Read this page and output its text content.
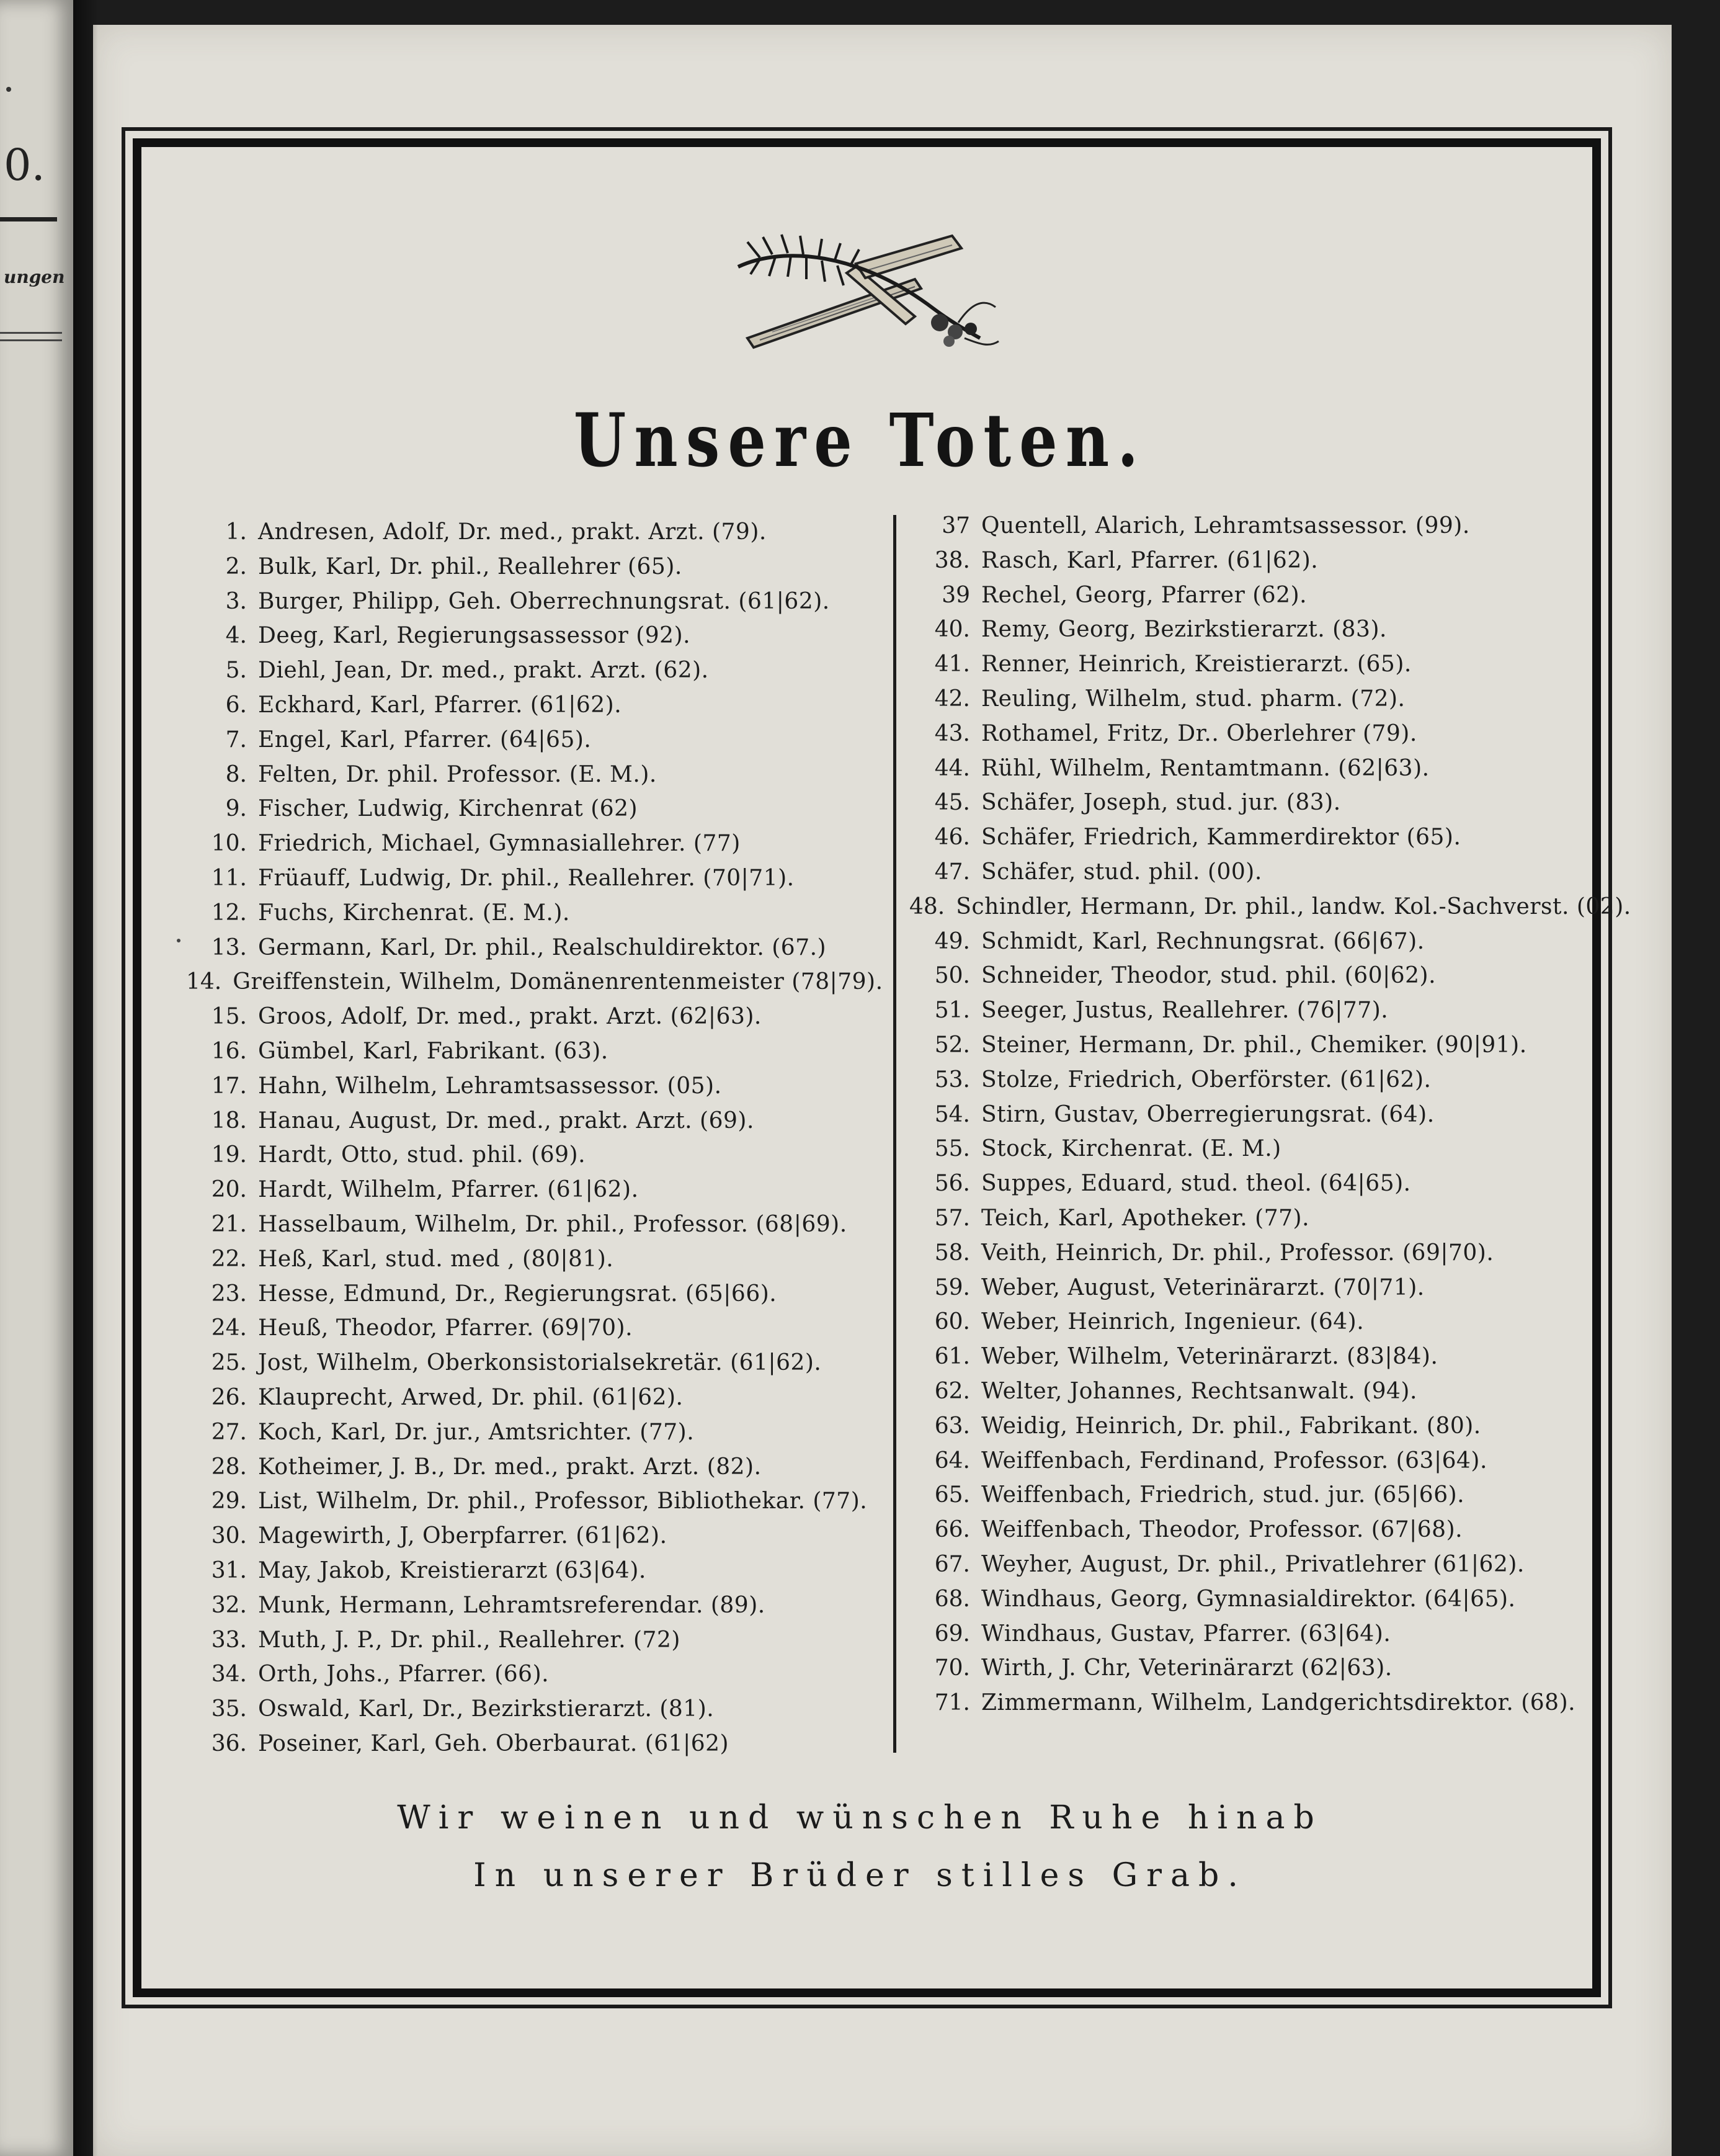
0.
ungen
Unsere Toten.
1. Andresen, Adolf, Dr. med., prakt. Arzt. (79).
2. Bulk, Karl, Dr. phil., Reallehrer (65).
3. Burger, Philipp, Geh. Oberrechnungsrat. (61|62).
4. Deeg, Karl, Regierungsassessor (92).
5. Diehl, Jean, Dr. med., prakt. Arzt. (62).
6. Eckhard, Karl, Pfarrer. (61|62).
7. Engel, Karl, Pfarrer. (64|65).
8. Felten, Dr. phil. Professor. (E. M.).
9. Fischer, Ludwig, Kirchenrat (62)
10. Friedrich, Michael, Gymnasiallehrer. (77)
11. Früauff, Ludwig, Dr. phil., Reallehrer. (70|71).
12. Fuchs, Kirchenrat. (E. M.).
13. Germann, Karl, Dr. phil., Realschuldirektor. (67.)
14. Greiffenstein, Wilhelm, Domänenrentenmeister (78|79).
15. Groos, Adolf, Dr. med., prakt. Arzt. (62|63).
16. Gümbel, Karl, Fabrikant. (63).
17. Hahn, Wilhelm, Lehramtsassessor. (05).
18. Hanau, August, Dr. med., prakt. Arzt. (69).
19. Hardt, Otto, stud. phil. (69).
20. Hardt, Wilhelm, Pfarrer. (61|62).
21. Hasselbaum, Wilhelm, Dr. phil., Professor. (68|69).
22. Heß, Karl, stud. med , (80|81).
23. Hesse, Edmund, Dr., Regierungsrat. (65|66).
24. Heuß, Theodor, Pfarrer. (69|70).
25. Jost, Wilhelm, Oberkonsistorialsekretär. (61|62).
26. Klauprecht, Arwed, Dr. phil. (61|62).
27. Koch, Karl, Dr. jur., Amtsrichter. (77).
28. Kotheimer, J. B., Dr. med., prakt. Arzt. (82).
29. List, Wilhelm, Dr. phil., Professor, Bibliothekar. (77).
30. Magewirth, J, Oberpfarrer. (61|62).
31. May, Jakob, Kreistierarzt (63|64).
32. Munk, Hermann, Lehramtsreferendar. (89).
33. Muth, J. P., Dr. phil., Reallehrer. (72)
34. Orth, Johs., Pfarrer. (66).
35. Oswald, Karl, Dr., Bezirkstierarzt. (81).
36. Poseiner, Karl, Geh. Oberbaurat. (61|62)
37 Quentell, Alarich, Lehramtsassessor. (99).
38. Rasch, Karl, Pfarrer. (61|62).
39 Rechel, Georg, Pfarrer (62).
40. Remy, Georg, Bezirkstierarzt. (83).
41. Renner, Heinrich, Kreistierarzt. (65).
42. Reuling, Wilhelm, stud. pharm. (72).
43. Rothamel, Fritz, Dr.. Oberlehrer (79).
44. Rühl, Wilhelm, Rentamtmann. (62|63).
45. Schäfer, Joseph, stud. jur. (83).
46. Schäfer, Friedrich, Kammerdirektor (65).
47. Schäfer, stud. phil. (00).
48. Schindler, Hermann, Dr. phil., landw. Kol.-Sachverst. (02).
49. Schmidt, Karl, Rechnungsrat. (66|67).
50. Schneider, Theodor, stud. phil. (60|62).
51. Seeger, Justus, Reallehrer. (76|77).
52. Steiner, Hermann, Dr. phil., Chemiker. (90|91).
53. Stolze, Friedrich, Oberförster. (61|62).
54. Stirn, Gustav, Oberregierungsrat. (64).
55. Stock, Kirchenrat. (E. M.)
56. Suppes, Eduard, stud. theol. (64|65).
57. Teich, Karl, Apotheker. (77).
58. Veith, Heinrich, Dr. phil., Professor. (69|70).
59. Weber, August, Veterinärarzt. (70|71).
60. Weber, Heinrich, Ingenieur. (64).
61. Weber, Wilhelm, Veterinärarzt. (83|84).
62. Welter, Johannes, Rechtsanwalt. (94).
63. Weidig, Heinrich, Dr. phil., Fabrikant. (80).
64. Weiffenbach, Ferdinand, Professor. (63|64).
65. Weiffenbach, Friedrich, stud. jur. (65|66).
66. Weiffenbach, Theodor, Professor. (67|68).
67. Weyher, August, Dr. phil., Privatlehrer (61|62).
68. Windhaus, Georg, Gymnasialdirektor. (64|65).
69. Windhaus, Gustav, Pfarrer. (63|64).
70. Wirth, J. Chr, Veterinärarzt (62|63).
71. Zimmermann, Wilhelm, Landgerichtsdirektor. (68).
Wir weinen und wünschen Ruhe hinab
In unserer Brüder stilles Grab.
